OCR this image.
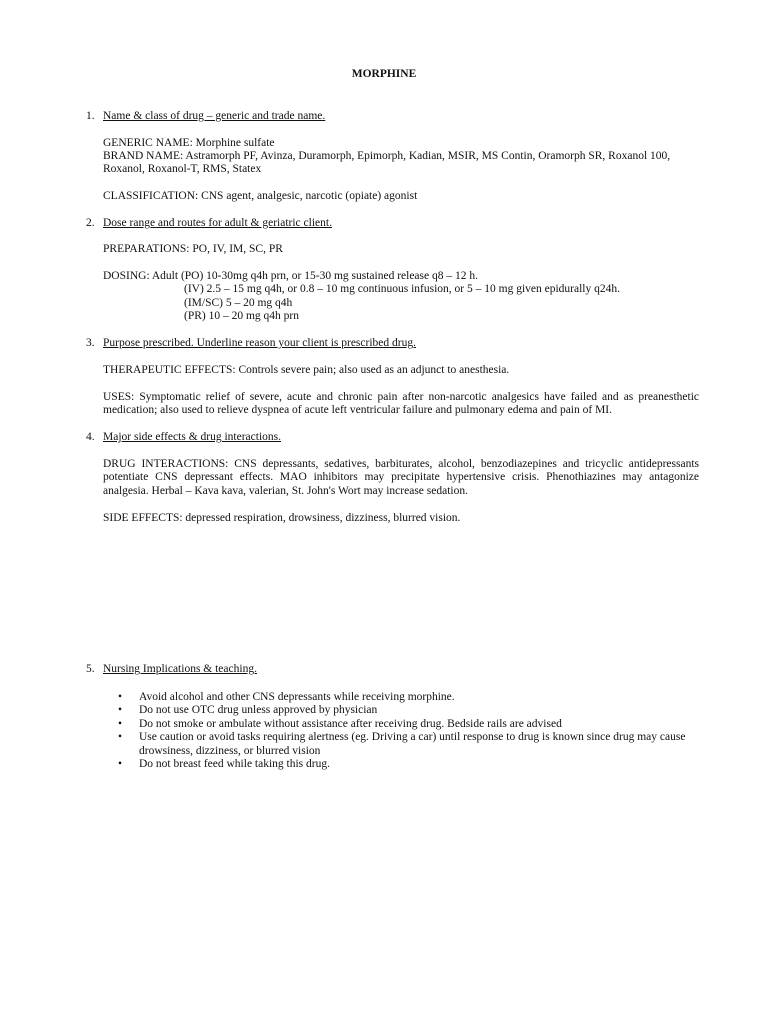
MORPHINE
1. Name & class of drug – generic and trade name.
GENERIC NAME: Morphine sulfate
BRAND NAME: Astramorph PF, Avinza, Duramorph, Epimorph, Kadian, MSIR, MS Contin, Oramorph SR, Roxanol 100, Roxanol, Roxanol-T, RMS, Statex
CLASSIFICATION: CNS agent, analgesic, narcotic (opiate) agonist
2. Dose range and routes for adult & geriatric client.
PREPARATIONS: PO, IV, IM, SC, PR
DOSING: Adult (PO) 10-30mg q4h prn, or 15-30 mg sustained release q8 – 12 h.
(IV) 2.5 – 15 mg q4h, or 0.8 – 10 mg continuous infusion, or 5 – 10 mg given epidurally q24h.
(IM/SC) 5 – 20 mg q4h
(PR) 10 – 20 mg q4h prn
3. Purpose prescribed. Underline reason your client is prescribed drug.
THERAPEUTIC EFFECTS: Controls severe pain; also used as an adjunct to anesthesia.
USES: Symptomatic relief of severe, acute and chronic pain after non-narcotic analgesics have failed and as preanesthetic medication; also used to relieve dyspnea of acute left ventricular failure and pulmonary edema and pain of MI.
4. Major side effects & drug interactions.
DRUG INTERACTIONS: CNS depressants, sedatives, barbiturates, alcohol, benzodiazepines and tricyclic antidepressants potentiate CNS depressant effects. MAO inhibitors may precipitate hypertensive crisis. Phenothiazines may antagonize analgesia. Herbal – Kava kava, valerian, St. John's Wort may increase sedation.
SIDE EFFECTS: depressed respiration, drowsiness, dizziness, blurred vision.
5. Nursing Implications & teaching.
• Avoid alcohol and other CNS depressants while receiving morphine.
• Do not use OTC drug unless approved by physician
• Do not smoke or ambulate without assistance after receiving drug. Bedside rails are advised
• Use caution or avoid tasks requiring alertness (eg. Driving a car) until response to drug is known since drug may cause drowsiness, dizziness, or blurred vision
• Do not breast feed while taking this drug.
